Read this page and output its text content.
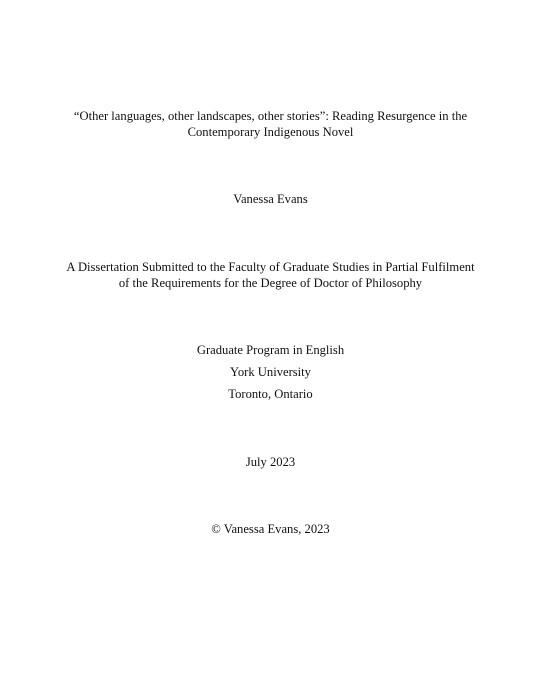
“Other languages, other landscapes, other stories”: Reading Resurgence in the
Contemporary Indigenous Novel
Vanessa Evans
A Dissertation Submitted to the Faculty of Graduate Studies in Partial Fulfilment
of the Requirements for the Degree of Doctor of Philosophy
Graduate Program in English
York University
Toronto, Ontario
July 2023
© Vanessa Evans, 2023
